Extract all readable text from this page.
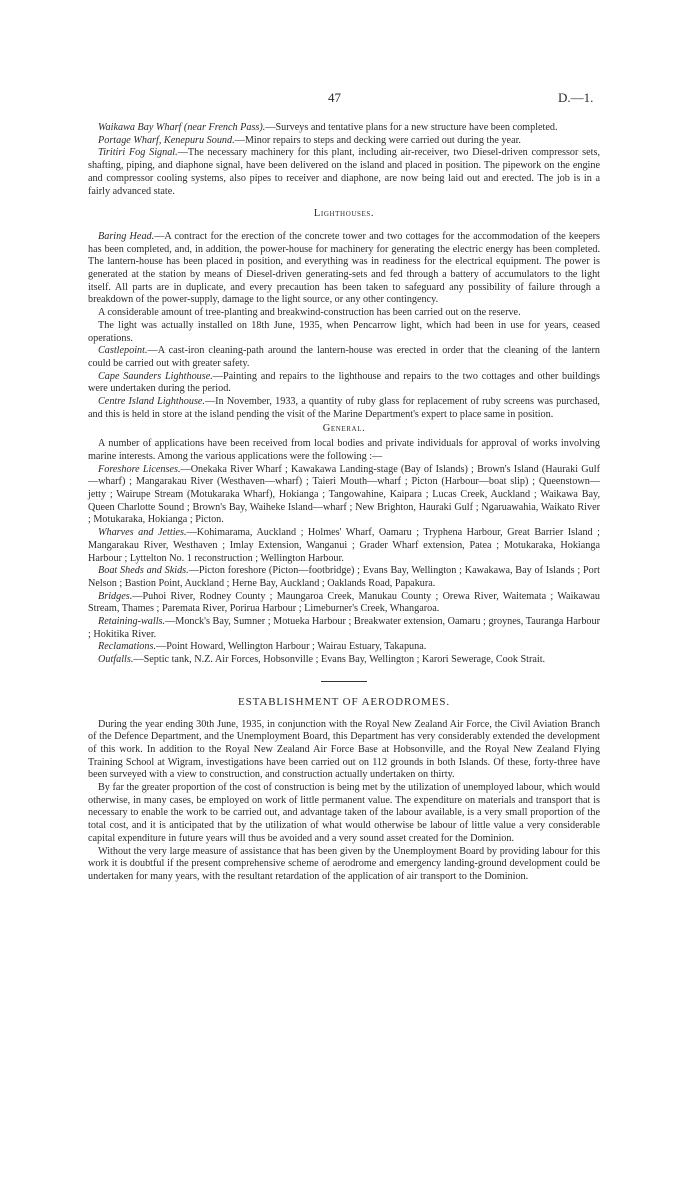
47	D.—1.

Waikawa Bay Wharf (near French Pass).—Surveys and tentative plans for a new structure have been completed.

Portage Wharf, Kenepuru Sound.—Minor repairs to steps and decking were carried out during the year.

Tiritiri Fog Signal.—The necessary machinery for this plant, including air-receiver, two Diesel-driven compressor sets, shafting, piping, and diaphone signal, have been delivered on the island and placed in position. The pipework on the engine and compressor cooling systems, also pipes to receiver and diaphone, are now being laid out and erected. The job is in a fairly advanced state.

Lighthouses.

Baring Head.—A contract for the erection of the concrete tower and two cottages for the accommodation of the keepers has been completed, and, in addition, the power-house for machinery for generating the electric energy has been completed. The lantern-house has been placed in position, and everything was in readiness for the electrical equipment. The power is generated at the station by means of Diesel-driven generating-sets and fed through a battery of accumulators to the light itself. All parts are in duplicate, and every precaution has been taken to safeguard any possibility of failure through a breakdown of the power-supply, damage to the light source, or any other contingency.

A considerable amount of tree-planting and breakwind-construction has been carried out on the reserve.

The light was actually installed on 18th June, 1935, when Pencarrow light, which had been in use for years, ceased operations.

Castlepoint.—A cast-iron cleaning-path around the lantern-house was erected in order that the cleaning of the lantern could be carried out with greater safety.

Cape Saunders Lighthouse.—Painting and repairs to the lighthouse and repairs to the two cottages and other buildings were undertaken during the period.

Centre Island Lighthouse.—In November, 1933, a quantity of ruby glass for replacement of ruby screens was purchased, and this is held in store at the island pending the visit of the Marine Department's expert to place same in position.

General.

A number of applications have been received from local bodies and private individuals for approval of works involving marine interests. Among the various applications were the following :—

Foreshore Licenses.—Onekaka River Wharf ; Kawakawa Landing-stage (Bay of Islands) ; Brown's Island (Hauraki Gulf—wharf) ; Mangarakau River (Westhaven—wharf) ; Taieri Mouth—wharf ; Picton (Harbour—boat slip) ; Queenstown—jetty ; Wairupe Stream (Motukaraka Wharf), Hokianga ; Tangowahine, Kaipara ; Lucas Creek, Auckland ; Waikawa Bay, Queen Charlotte Sound ; Brown's Bay, Waiheke Island—wharf ; New Brighton, Hauraki Gulf ; Ngaruawahia, Waikato River ; Motukaraka, Hokianga ; Picton.

Wharves and Jetties.—Kohimarama, Auckland ; Holmes' Wharf, Oamaru ; Tryphena Harbour, Great Barrier Island ; Mangarakau River, Westhaven ; Imlay Extension, Wanganui ; Grader Wharf extension, Patea ; Motukaraka, Hokianga Harbour ; Lyttelton No. 1 reconstruction ; Wellington Harbour.

Boat Sheds and Skids.—Picton foreshore (Picton—footbridge) ; Evans Bay, Wellington ; Kawakawa, Bay of Islands ; Port Nelson ; Bastion Point, Auckland ; Herne Bay, Auckland ; Oaklands Road, Papakura.

Bridges.—Puhoi River, Rodney County ; Maungaroa Creek, Manukau County ; Orewa River, Waitemata ; Waikawau Stream, Thames ; Paremata River, Porirua Harbour ; Limeburner's Creek, Whangaroa.

Retaining-walls.—Monck's Bay, Sumner ; Motueka Harbour ; Breakwater extension, Oamaru ; groynes, Tauranga Harbour ; Hokitika River.

Reclamations.—Point Howard, Wellington Harbour ; Wairau Estuary, Takapuna.

Outfalls.—Septic tank, N.Z. Air Forces, Hobsonville ; Evans Bay, Wellington ; Karori Sewerage, Cook Strait.

ESTABLISHMENT OF AERODROMES.

During the year ending 30th June, 1935, in conjunction with the Royal New Zealand Air Force, the Civil Aviation Branch of the Defence Department, and the Unemployment Board, this Department has very considerably extended the development of this work. In addition to the Royal New Zealand Air Force Base at Hobsonville, and the Royal New Zealand Flying Training School at Wigram, investigations have been carried out on 112 grounds in both Islands. Of these, forty-three have been surveyed with a view to construction, and construction actually undertaken on thirty.

By far the greater proportion of the cost of construction is being met by the utilization of unemployed labour, which would otherwise, in many cases, be employed on work of little permanent value. The expenditure on materials and transport that is necessary to enable the work to be carried out, and advantage taken of the labour available, is a very small proportion of the total cost, and it is anticipated that by the utilization of what would otherwise be labour of little value a very considerable capital expenditure in future years will thus be avoided and a very sound asset created for the Dominion.

Without the very large measure of assistance that has been given by the Unemployment Board by providing labour for this work it is doubtful if the present comprehensive scheme of aerodrome and emergency landing-ground development could be undertaken for many years, with the resultant retardation of the application of air transport to the Dominion.
